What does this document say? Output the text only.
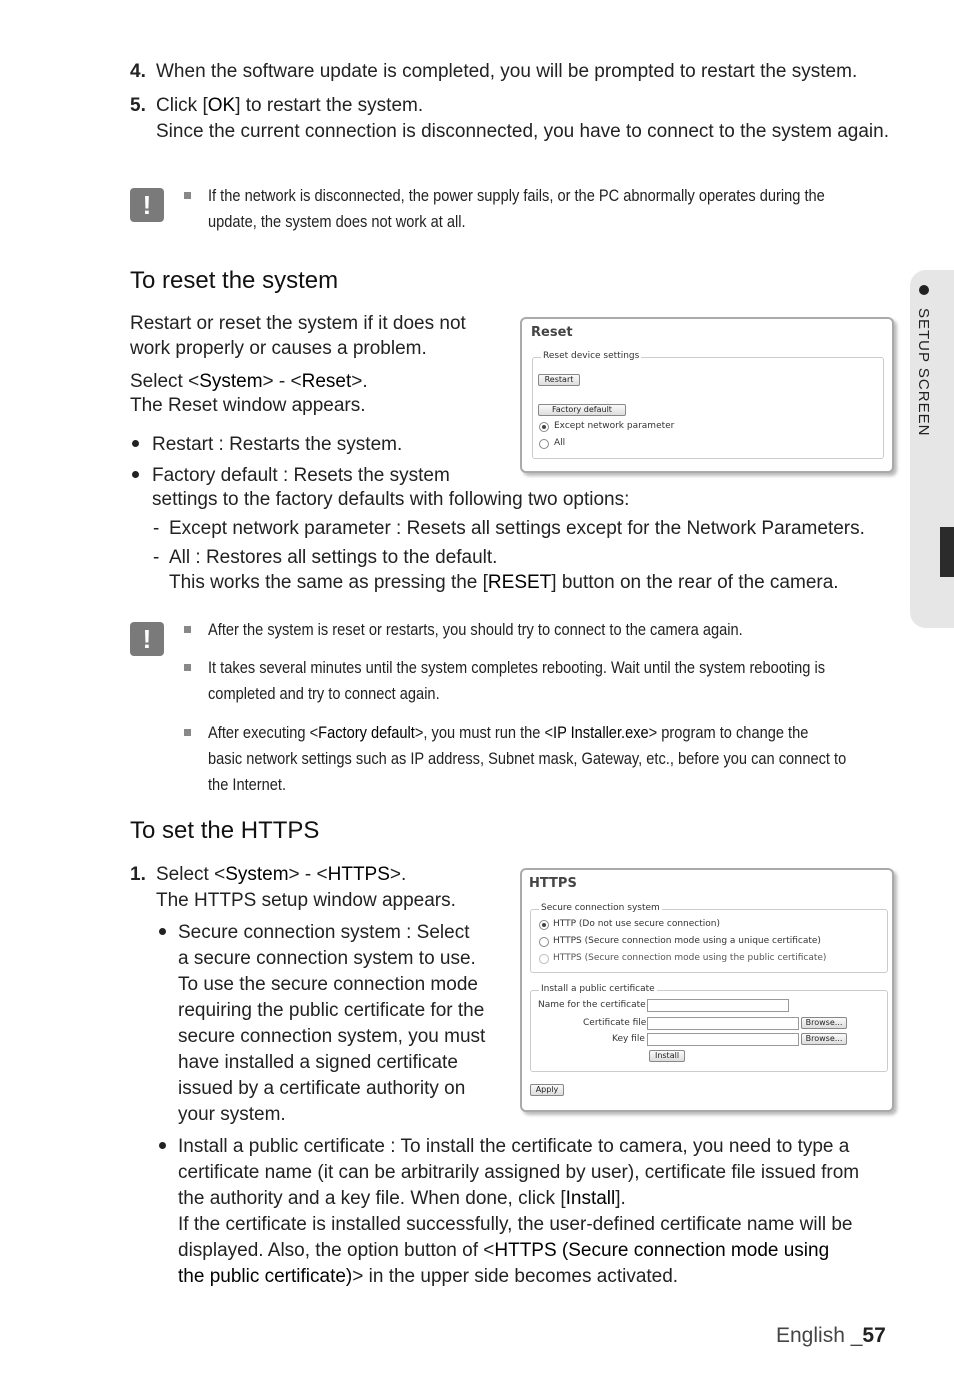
SETUP SCREEN
4. When the software update is completed, you will be prompted to restart the system.
5. Click [OK] to restart the system.
Since the current connection is disconnected, you have to connect to the system again.
!	If the network is disconnected, the power supply fails, or the PC abnormally operates during the
update, the system does not work at all.
To reset the system
Restart or reset the system if it does not
work properly or causes a problem.
Select <System> - <Reset>.
The Reset window appears.
Restart : Restarts the system.
Factory default : Resets the system
settings to the factory defaults with following two options:
- Except network parameter : Resets all settings except for the Network Parameters.
- All : Restores all settings to the default.
This works the same as pressing the [RESET] button on the rear of the camera.
Reset
Reset device settings
Restart
Factory default
Except network parameter
All
!	After the system is reset or restarts, you should try to connect to the camera again.
It takes several minutes until the system completes rebooting. Wait until the system rebooting is
completed and try to connect again.
After executing <Factory default>, you must run the <IP Installer.exe> program to change the
basic network settings such as IP address, Subnet mask, Gateway, etc., before you can connect to
the Internet.
To set the HTTPS
1. Select <System> - <HTTPS>.
The HTTPS setup window appears.
Secure connection system : Select
a secure connection system to use.
To use the secure connection mode
requiring the public certificate for the
secure connection system, you must
have installed a signed certificate
issued by a certificate authority on
your system.
Install a public certificate : To install the certificate to camera, you need to type a
certificate name (it can be arbitrarily assigned by user), certificate file issued from
the authority and a key file. When done, click [Install].
If the certificate is installed successfully, the user-defined certificate name will be
displayed. Also, the option button of <HTTPS (Secure connection mode using
the public certificate)> in the upper side becomes activated.
HTTPS
Secure connection system
HTTP (Do not use secure connection)
HTTPS (Secure connection mode using a unique certificate)
HTTPS (Secure connection mode using the public certificate)
Install a public certificate
Name for the certificate
Certificate file	Browse...
Key file	Browse...
Install
Apply
English _57
